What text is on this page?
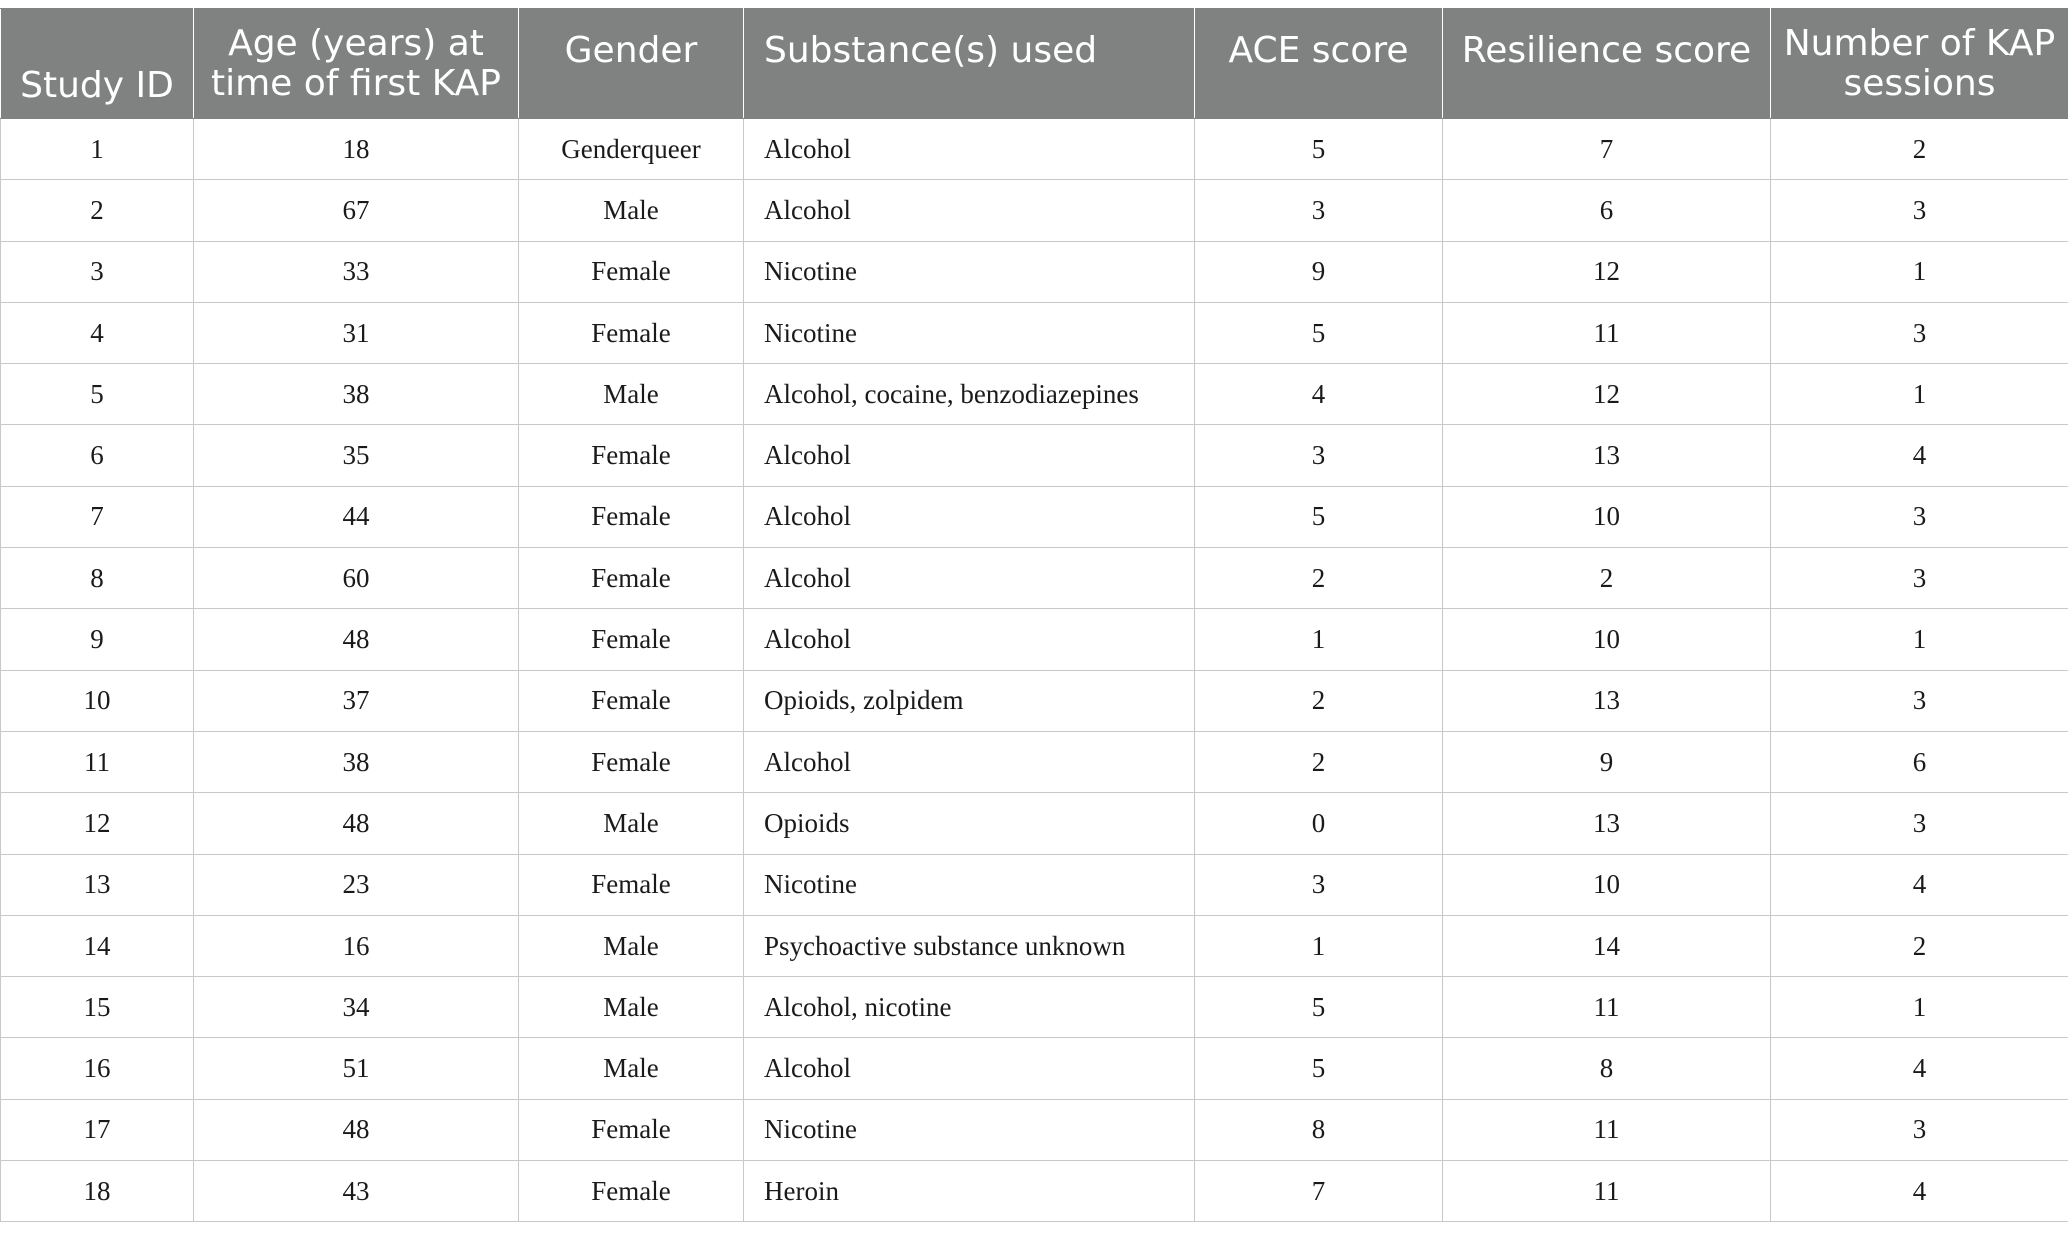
Study ID	Age (years) at time of first KAP	Gender	Substance(s) used	ACE score	Resilience score	Number of KAP sessions
1	18	Genderqueer	Alcohol	5	7	2
2	67	Male	Alcohol	3	6	3
3	33	Female	Nicotine	9	12	1
4	31	Female	Nicotine	5	11	3
5	38	Male	Alcohol, cocaine, benzodiazepines	4	12	1
6	35	Female	Alcohol	3	13	4
7	44	Female	Alcohol	5	10	3
8	60	Female	Alcohol	2	2	3
9	48	Female	Alcohol	1	10	1
10	37	Female	Opioids, zolpidem	2	13	3
11	38	Female	Alcohol	2	9	6
12	48	Male	Opioids	0	13	3
13	23	Female	Nicotine	3	10	4
14	16	Male	Psychoactive substance unknown	1	14	2
15	34	Male	Alcohol, nicotine	5	11	1
16	51	Male	Alcohol	5	8	4
17	48	Female	Nicotine	8	11	3
18	43	Female	Heroin	7	11	4
